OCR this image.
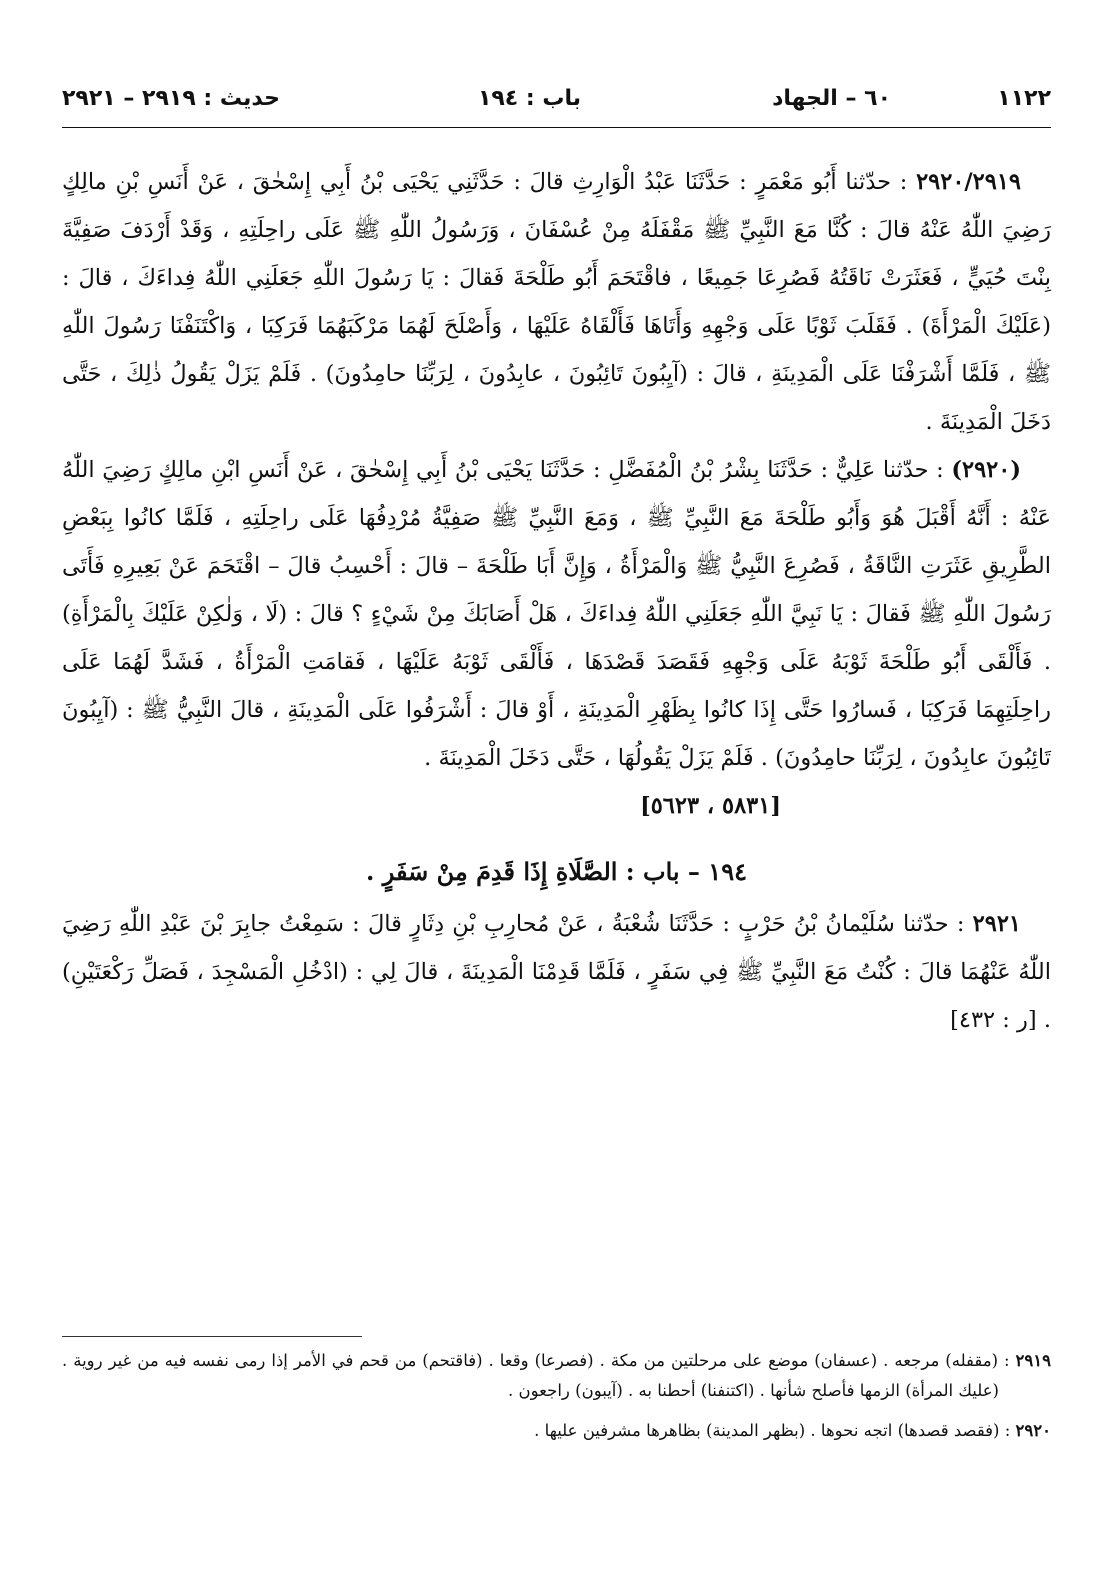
١١٢٢
٦٠ – الجهاد
باب : ١٩٤
حديث : ٢٩١٩ – ٢٩٢١

٢٩٢٠/٢٩١٩ : حدّثنا أَبُو مَعْمَرٍ : حَدَّثَنَا عَبْدُ الْوَارِثِ قالَ : حَدَّثَنِي يَحْيَى بْنُ أَبِي إِسْحٰقَ ، عَنْ أَنَسِ بْنِ مالِكٍ رَضِيَ اللّٰهُ عَنْهُ قالَ : كُنَّا مَعَ النَّبِيِّ ﷺ مَقْفَلَهُ مِنْ عُسْفَانَ ، وَرَسُولُ اللّٰهِ ﷺ عَلَى راحِلَتِهِ ، وَقَدْ أَرْدَفَ صَفِيَّةَ بِنْتَ حُيَيٍّ ، فَعَثَرَتْ نَاقَتُهُ فَصُرِعَا جَمِيعًا ، فاقْتَحَمَ أَبُو طَلْحَةَ فَقالَ : يَا رَسُولَ اللّٰهِ جَعَلَنِي اللّٰهُ فِداءَكَ ، قالَ : (عَلَيْكَ الْمَرْأَةَ) . فَقَلَبَ ثَوْبًا عَلَى وَجْهِهِ وَأَتَاهَا فَأَلْقَاهُ عَلَيْهَا ، وَأَصْلَحَ لَهُمَا مَرْكَبَهُمَا فَرَكِبَا ، وَاكْتَنَفْنَا رَسُولَ اللّٰهِ ﷺ ، فَلَمَّا أَشْرَفْنَا عَلَى الْمَدِينَةِ ، قالَ : (آيِبُونَ تَائِبُونَ ، عابِدُونَ ، لِرَبِّنَا حامِدُونَ) . فَلَمْ يَزَلْ يَقُولُ ذٰلِكَ ، حَتَّى دَخَلَ الْمَدِينَةَ .

(٢٩٢٠) : حدّثنا عَلِيٌّ : حَدَّثَنَا بِشْرُ بْنُ الْمُفَضَّلِ : حَدَّثَنَا يَحْيَى بْنُ أَبِي إِسْحٰقَ ، عَنْ أَنَسِ ابْنِ مالِكٍ رَضِيَ اللّٰهُ عَنْهُ : أَنَّهُ أَقْبَلَ هُوَ وَأَبُو طَلْحَةَ مَعَ النَّبِيِّ ﷺ ، وَمَعَ النَّبِيِّ ﷺ صَفِيَّةُ مُرْدِفُهَا عَلَى راحِلَتِهِ ، فَلَمَّا كانُوا بِبَعْضِ الطَّرِيقِ عَثَرَتِ النَّاقَةُ ، فَصُرِعَ النَّبِيُّ ﷺ وَالْمَرْأَةُ ، وَإِنَّ أَبَا طَلْحَةَ – قالَ : أَحْسِبُ قالَ – اقْتَحَمَ عَنْ بَعِيرِهِ فَأَتَى رَسُولَ اللّٰهِ ﷺ فَقالَ : يَا نَبِيَّ اللّٰهِ جَعَلَنِي اللّٰهُ فِداءَكَ ، هَلْ أَصَابَكَ مِنْ شَيْءٍ ؟ قالَ : (لَا ، وَلٰكِنْ عَلَيْكَ بِالْمَرْأَةِ) . فَأَلْقَى أَبُو طَلْحَةَ ثَوْبَهُ عَلَى وَجْهِهِ فَقَصَدَ قَصْدَهَا ، فَأَلْقَى ثَوْبَهُ عَلَيْهَا ، فَقامَتِ الْمَرْأَةُ ، فَشَدَّ لَهُمَا عَلَى راحِلَتِهِمَا فَرَكِبَا ، فَسارُوا حَتَّى إِذَا كانُوا بِظَهْرِ الْمَدِينَةِ ، أَوْ قالَ : أَشْرَفُوا عَلَى الْمَدِينَةِ ، قالَ النَّبِيُّ ﷺ : (آيِبُونَ تَائِبُونَ عابِدُونَ ، لِرَبِّنَا حامِدُونَ) . فَلَمْ يَزَلْ يَقُولُهَا ، حَتَّى دَخَلَ الْمَدِينَةَ .

[٥٨٣١ ، ٥٦٢٣]

١٩٤ – باب : الصَّلَاةِ إِذَا قَدِمَ مِنْ سَفَرٍ .

٢٩٢١ : حدّثنا سُلَيْمانُ بْنُ حَرْبٍ : حَدَّثَنَا شُعْبَةُ ، عَنْ مُحارِبِ بْنِ دِثَارٍ قالَ : سَمِعْتُ جابِرَ بْنَ عَبْدِ اللّٰهِ رَضِيَ اللّٰهُ عَنْهُمَا قالَ : كُنْتُ مَعَ النَّبِيِّ ﷺ فِي سَفَرٍ ، فَلَمَّا قَدِمْنَا الْمَدِينَةَ ، قالَ لِي : (ادْخُلِ الْمَسْجِدَ ، فَصَلِّ رَكْعَتَيْنِ) . [ر : ٤٣٢]

٢٩١٩ : (مقفله) مرجعه . (عسفان) موضع على مرحلتين من مكة . (فصرعا) وقعا . (فاقتحم) من قحم في الأمر إذا رمى نفسه فيه من غير روية . (عليك المرأة) الزمها فأصلح شأنها . (اكتنفنا) أحطنا به . (آيبون) راجعون .

٢٩٢٠ : (فقصد قصدها) اتجه نحوها . (بظهر المدينة) بظاهرها مشرفين عليها .
